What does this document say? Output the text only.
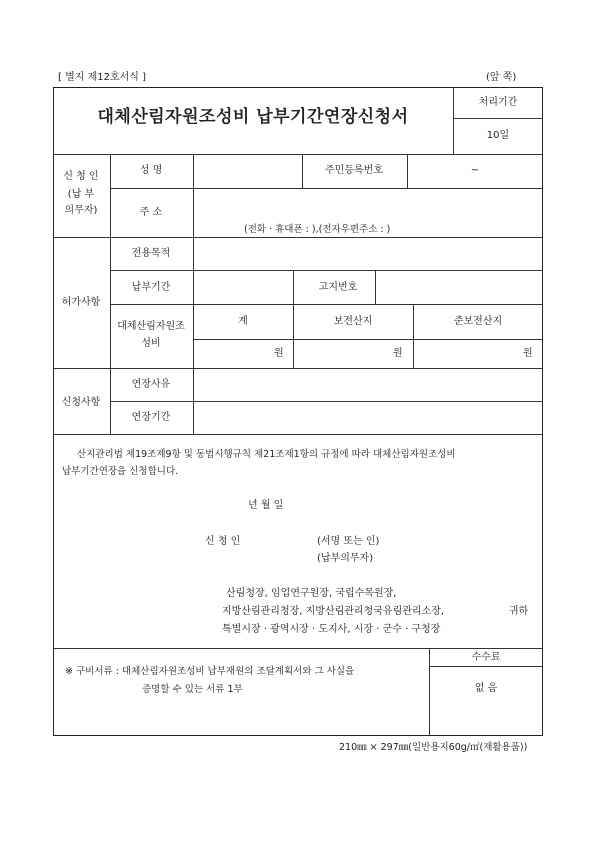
[ 별지 제12호서식 ]	(앞 쪽)
대체산림자원조성비 납부기간연장신청서
처리기간
10일
신 청 인
(납 부
의무자)
성 명	주민등록번호	~
주 소
(전화 · 휴대폰 : ),(전자우편주소 : )
허가사항
전용목적
납부기간	고지번호
대체산림자원조
성비
계	보전산지	준보전산지
원	원	원
신청사항
연장사유
연장기간
산지관리법 제19조제9항 및 동법시행규칙 제21조제1항의 규정에 따라 대체산림자원조성비
납부기간연장을 신청합니다.
년 월 일
신 청 인	(서명 또는 인)
(납부의무자)
산림청장, 임업연구원장, 국립수목원장,
지방산림관리청장, 지방산림관리청국유림관리소장,	귀하
특별시장 · 광역시장 · 도지사, 시장 · 군수 · 구청장
※ 구비서류 : 대체산림자원조성비 납부재원의 조달계획서와 그 사실을
증명할 수 있는 서류 1부
수수료
없 음
210㎜ × 297㎜(일반용지60g/㎡(재활용품))
